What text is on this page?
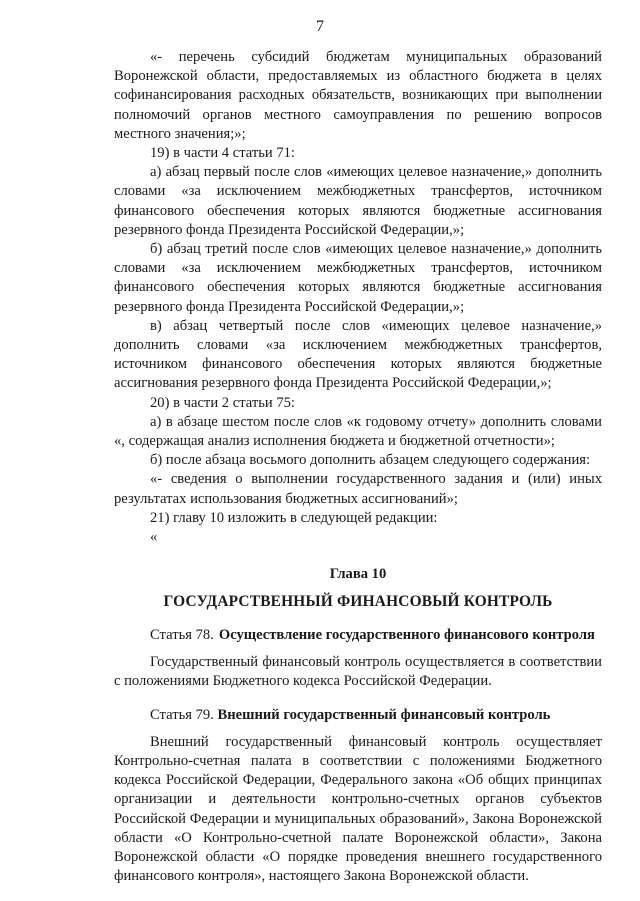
7

«- перечень субсидий бюджетам муниципальных образований Воронежской области, предоставляемых из областного бюджета в целях софинансирования расходных обязательств, возникающих при выполнении полномочий органов местного самоуправления по решению вопросов местного значения;»;

19) в части 4 статьи 71:

а) абзац первый после слов «имеющих целевое назначение,» дополнить словами «за исключением межбюджетных трансфертов, источником финансового обеспечения которых являются бюджетные ассигнования резервного фонда Президента Российской Федерации,»;

б) абзац третий после слов «имеющих целевое назначение,» дополнить словами «за исключением межбюджетных трансфертов, источником финансового обеспечения которых являются бюджетные ассигнования резервного фонда Президента Российской Федерации,»;

в) абзац четвертый после слов «имеющих целевое назначение,» дополнить словами «за исключением межбюджетных трансфертов, источником финансового обеспечения которых являются бюджетные ассигнования резервного фонда Президента Российской Федерации,»;

20) в части 2 статьи 75:

а) в абзаце шестом после слов «к годовому отчету» дополнить словами «, содержащая анализ исполнения бюджета и бюджетной отчетности»;

б) после абзаца восьмого дополнить абзацем следующего содержания:

«- сведения о выполнении государственного задания и (или) иных результатах использования бюджетных ассигнований»;

21) главу 10 изложить в следующей редакции:

«

Глава 10
ГОСУДАРСТВЕННЫЙ ФИНАНСОВЫЙ КОНТРОЛЬ
Статья 78. Осуществление государственного финансового контроля

Государственный финансовый контроль осуществляется в соответствии с положениями Бюджетного кодекса Российской Федерации.

Статья 79. Внешний государственный финансовый контроль

Внешний государственный финансовый контроль осуществляет Контрольно-счетная палата в соответствии с положениями Бюджетного кодекса Российской Федерации, Федерального закона «Об общих принципах организации и деятельности контрольно-счетных органов субъектов Российской Федерации и муниципальных образований», Закона Воронежской области «О Контрольно-счетной палате Воронежской области», Закона Воронежской области «О порядке проведения внешнего государственного финансового контроля», настоящего Закона Воронежской области.
